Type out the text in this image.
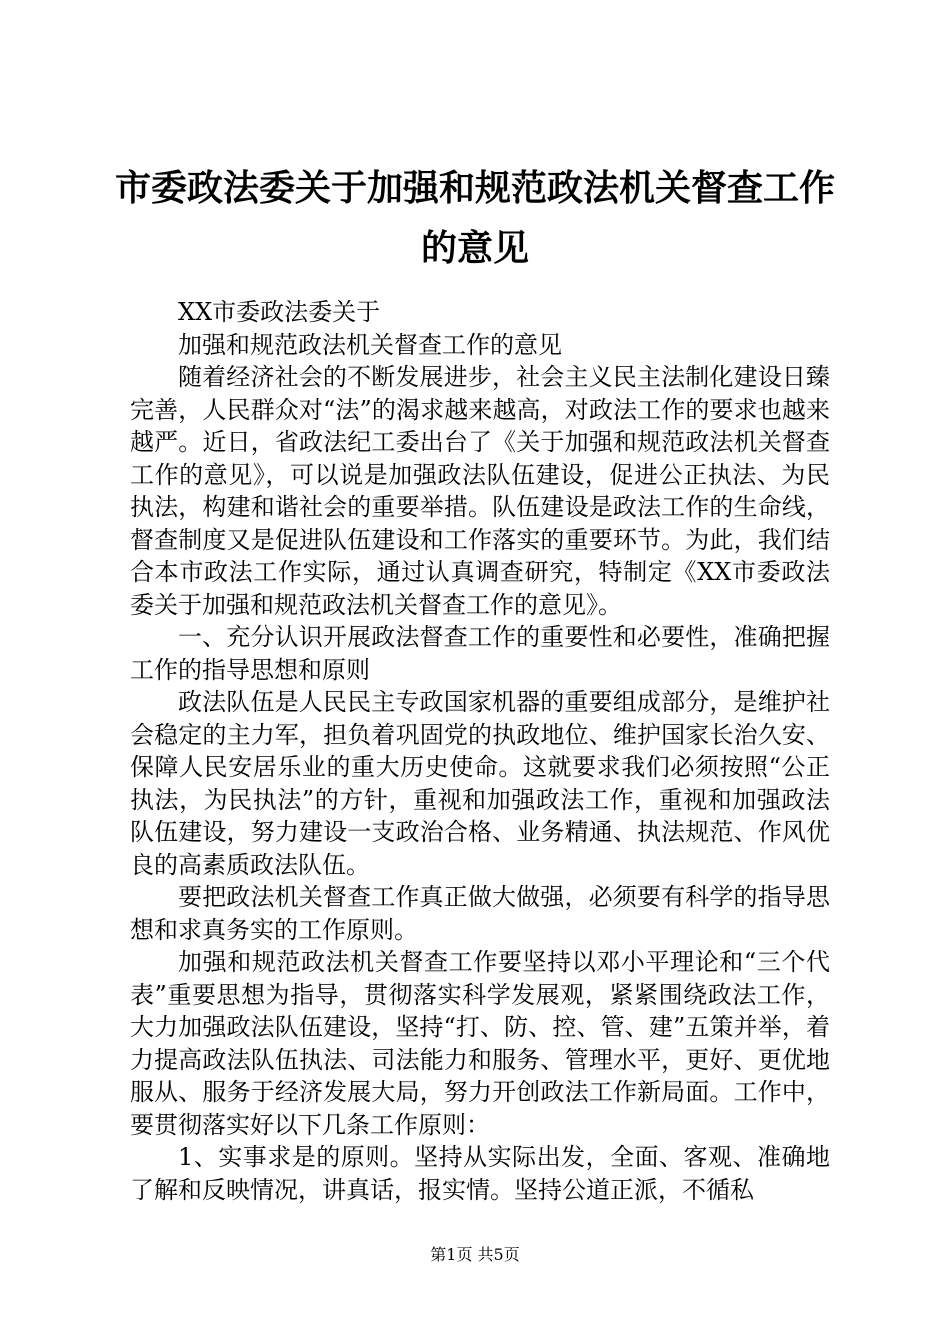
市委政法委关于加强和规范政法机关督查工作
的意见

XX市委政法委关于

加强和规范政法机关督查工作的意见

随着经济社会的不断发展进步，社会主义民主法制化建设日臻完善，人民群众对“法”的渴求越来越高，对政法工作的要求也越来越严。近日，省政法纪工委出台了《关于加强和规范政法机关督查工作的意见》，可以说是加强政法队伍建设，促进公正执法、为民执法，构建和谐社会的重要举措。队伍建设是政法工作的生命线，督查制度又是促进队伍建设和工作落实的重要环节。为此，我们结合本市政法工作实际，通过认真调查研究，特制定《XX市委政法委关于加强和规范政法机关督查工作的意见》。

一、充分认识开展政法督查工作的重要性和必要性，准确把握工作的指导思想和原则

政法队伍是人民民主专政国家机器的重要组成部分，是维护社会稳定的主力军，担负着巩固党的执政地位、维护国家长治久安、保障人民安居乐业的重大历史使命。这就要求我们必须按照“公正执法，为民执法”的方针，重视和加强政法工作，重视和加强政法队伍建设，努力建设一支政治合格、业务精通、执法规范、作风优良的高素质政法队伍。

要把政法机关督查工作真正做大做强，必须要有科学的指导思想和求真务实的工作原则。

加强和规范政法机关督查工作要坚持以邓小平理论和“三个代表”重要思想为指导，贯彻落实科学发展观，紧紧围绕政法工作，大力加强政法队伍建设，坚持“打、防、控、管、建”五策并举，着力提高政法队伍执法、司法能力和服务、管理水平，更好、更优地服从、服务于经济发展大局，努力开创政法工作新局面。工作中，要贯彻落实好以下几条工作原则：

1、实事求是的原则。坚持从实际出发，全面、客观、准确地了解和反映情况，讲真话，报实情。坚持公道正派，不循私

第1页 共5页
